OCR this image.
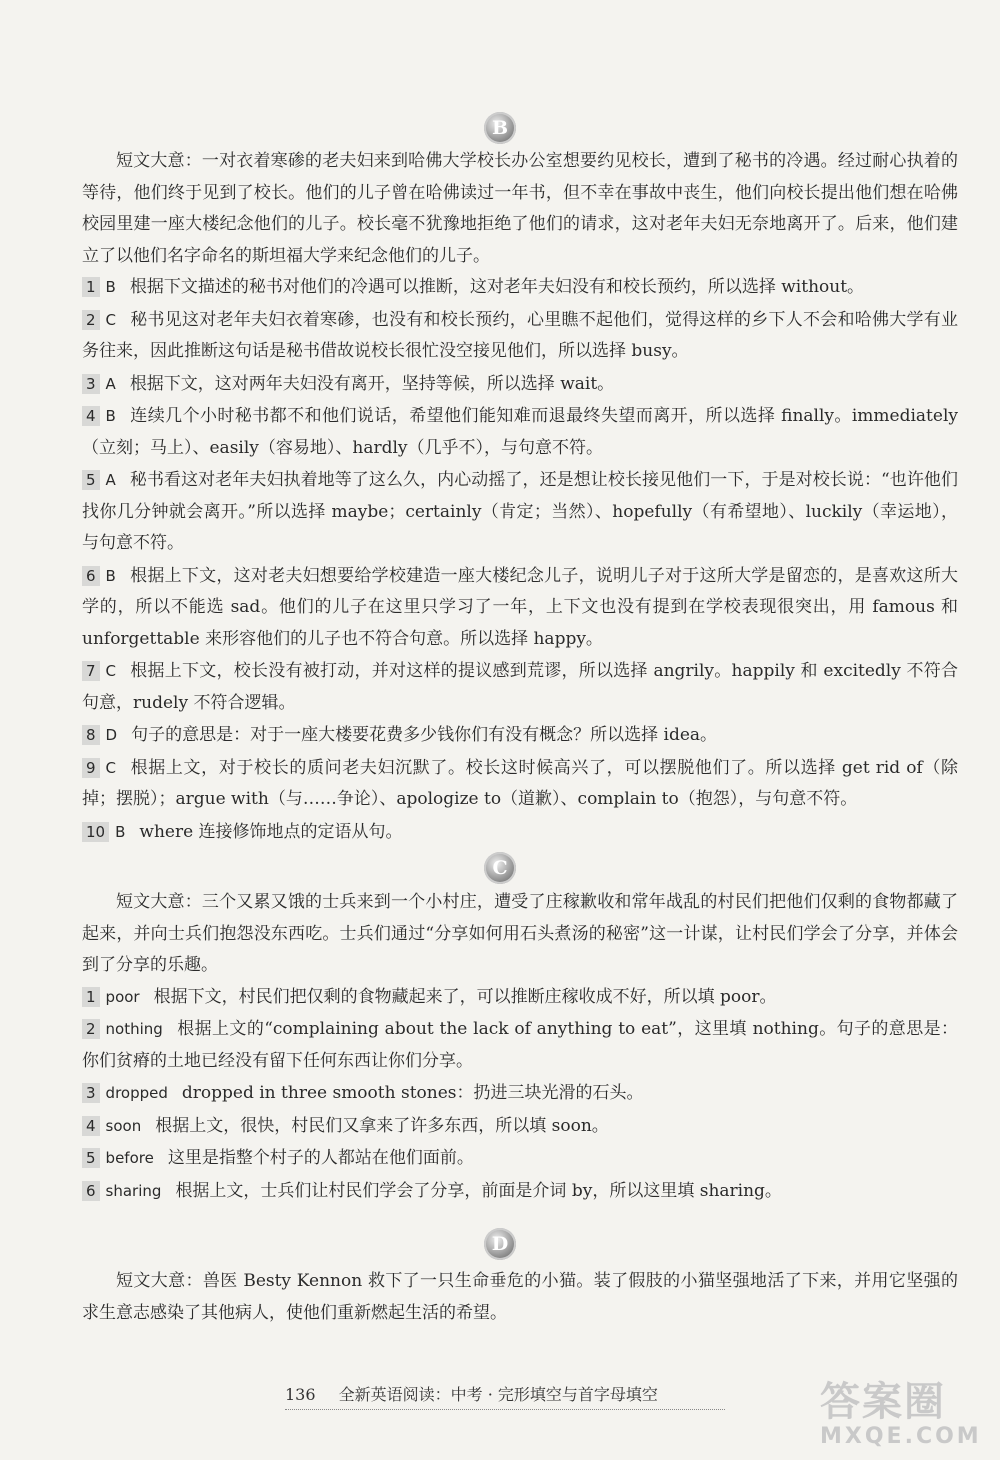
B

短文大意：一对衣着寒碜的老夫妇来到哈佛大学校长办公室想要约见校长，遭到了秘书的冷遇。经过耐心执着的等待，他们终于见到了校长。他们的儿子曾在哈佛读过一年书，但不幸在事故中丧生，他们向校长提出他们想在哈佛校园里建一座大楼纪念他们的儿子。校长毫不犹豫地拒绝了他们的请求，这对老年夫妇无奈地离开了。后来，他们建立了以他们名字命名的斯坦福大学来纪念他们的儿子。

1 B 根据下文描述的秘书对他们的冷遇可以推断，这对老年夫妇没有和校长预约，所以选择 without。

2 C 秘书见这对老年夫妇衣着寒碜，也没有和校长预约，心里瞧不起他们，觉得这样的乡下人不会和哈佛大学有业务往来，因此推断这句话是秘书借故说校长很忙没空接见他们，所以选择 busy。

3 A 根据下文，这对两年夫妇没有离开，坚持等候，所以选择 wait。

4 B 连续几个小时秘书都不和他们说话，希望他们能知难而退最终失望而离开，所以选择 finally。immediately（立刻；马上）、easily（容易地）、hardly（几乎不），与句意不符。

5 A 秘书看这对老年夫妇执着地等了这么久，内心动摇了，还是想让校长接见他们一下，于是对校长说：“也许他们找你几分钟就会离开。”所以选择 maybe；certainly（肯定；当然）、hopefully（有希望地）、luckily（幸运地），与句意不符。

6 B 根据上下文，这对老夫妇想要给学校建造一座大楼纪念儿子，说明儿子对于这所大学是留恋的，是喜欢这所大学的，所以不能选 sad。他们的儿子在这里只学习了一年，上下文也没有提到在学校表现很突出，用 famous 和 unforgettable 来形容他们的儿子也不符合句意。所以选择 happy。

7 C 根据上下文，校长没有被打动，并对这样的提议感到荒谬，所以选择 angrily。happily 和 excitedly 不符合句意，rudely 不符合逻辑。

8 D 句子的意思是：对于一座大楼要花费多少钱你们有没有概念？所以选择 idea。

9 C 根据上文，对于校长的质问老夫妇沉默了。校长这时候高兴了，可以摆脱他们了。所以选择 get rid of（除掉；摆脱）；argue with（与……争论）、apologize to（道歉）、complain to（抱怨），与句意不符。

10 B where 连接修饰地点的定语从句。

C

短文大意：三个又累又饿的士兵来到一个小村庄，遭受了庄稼歉收和常年战乱的村民们把他们仅剩的食物都藏了起来，并向士兵们抱怨没东西吃。士兵们通过“分享如何用石头煮汤的秘密”这一计谋，让村民们学会了分享，并体会到了分享的乐趣。

1 poor 根据下文，村民们把仅剩的食物藏起来了，可以推断庄稼收成不好，所以填 poor。

2 nothing 根据上文的“complaining about the lack of anything to eat”，这里填 nothing。句子的意思是：你们贫瘠的土地已经没有留下任何东西让你们分享。

3 dropped dropped in three smooth stones：扔进三块光滑的石头。

4 soon 根据上文，很快，村民们又拿来了许多东西，所以填 soon。

5 before 这里是指整个村子的人都站在他们面前。

6 sharing 根据上文，士兵们让村民们学会了分享，前面是介词 by，所以这里填 sharing。

D

短文大意：兽医 Besty Kennon 救下了一只生命垂危的小猫。装了假肢的小猫坚强地活了下来，并用它坚强的求生意志感染了其他病人，使他们重新燃起生活的希望。

136 全新英语阅读：中考 · 完形填空与首字母填空	答案圈
MXQE.COM
